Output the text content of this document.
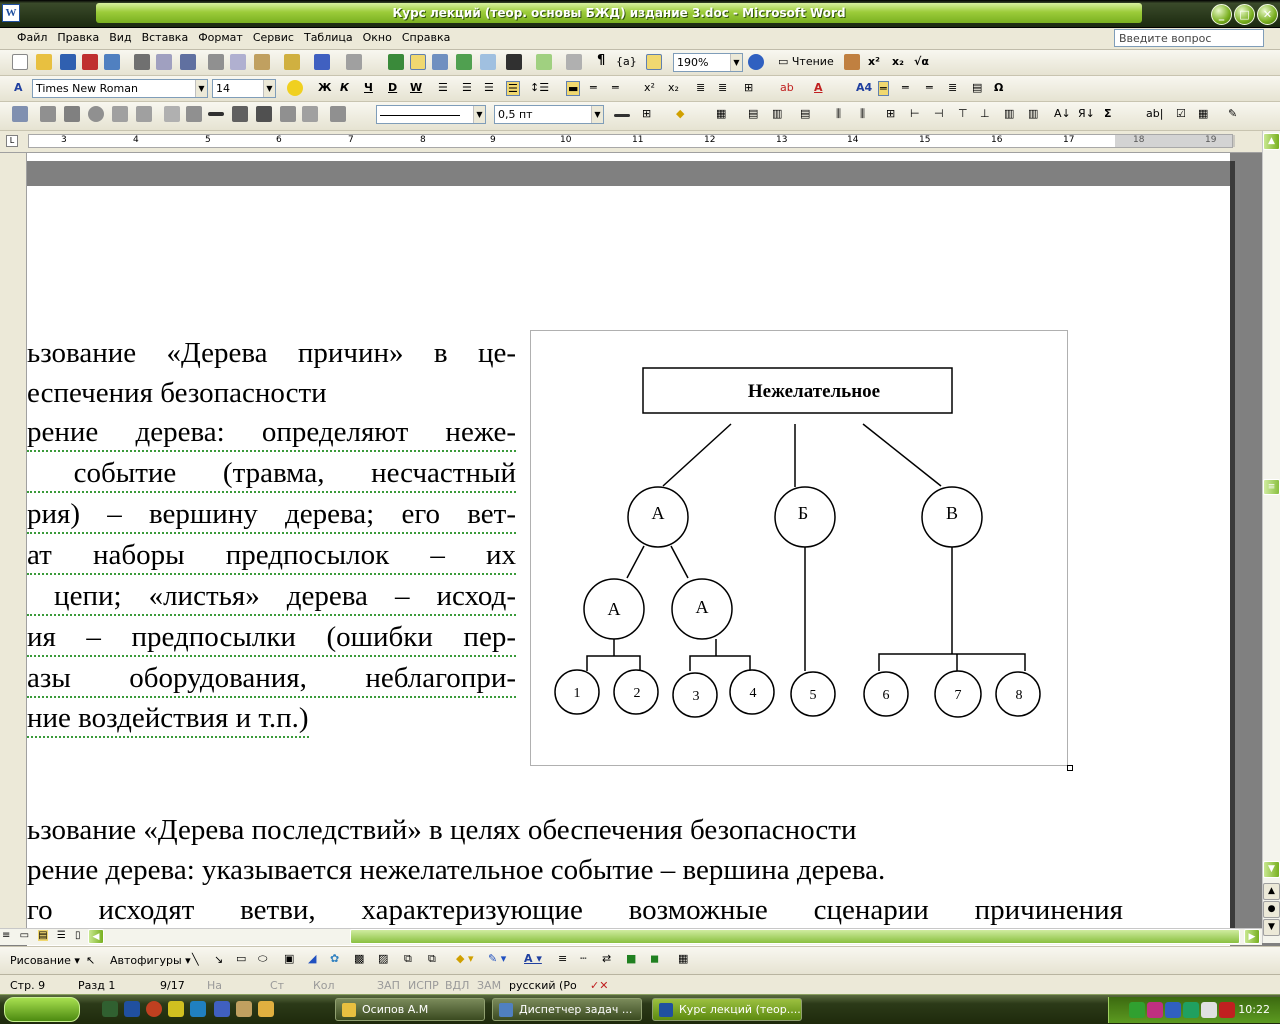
W	Курс лекций (теор. основы БЖД) издание 3.doc - Microsoft Word	_	□	✕
Файл Правка Вид Вставка Формат Сервис Таблица Окно Справка	Введите вопрос
¶ {a}	190%	▼	▭ Чтение	x² x₂ √α
A	Times New Roman	▼	14	▼	Ж К Ч D W ☰ ☰ ☰ ☰ ↕☰ ▬ ═ ═ x² x₂ ≣ ≣ ⊞ ab A	A4 ═ ═ ═ ≣ ▤ Ω
▼	0,5 пт	▼	⊞ ◆	▦ ▤ ▥ ▤ ⫼ ⫼ ⊞ ⊢ ⊣ ⊤ ⊥ ▥ ▥ A↓ Я↓ Σ	ab| ☑ ▦ ✎
L	3	4	5	6	7	8	9	10	11	12	13	14	15	16	17
ьзование «Дерева причин» в це-
еспечения безопасности
рение дерева: определяют неже-
событие (травма, несчастный
рия) – вершину дерева; его вет-
ат наборы предпосылок – их
цепи; «листья» дерева – исход-
ия – предпосылки (ошибки пер-
азы оборудования, неблагопри-
ние воздействия и т.п.)
ьзование «Дерева последствий» в целях обеспечения безопасности
рение дерева: указывается нежелательное событие – вершина дерева.
го исходят ветви, характеризующие возможные сценарии причинения
Нежелательное
А	Б	В
А	А
1	2	3	4	5	6	7	8
▲
≡
▼
▲
●
▼
≡ ▭ ▤ ☰ ▯	◀	▶
Рисование ▾ ↖ Автофигуры ▾ ╲ ↘ ▭ ⬭ ▣ ◢ ✿ ▩ ▨ ⧉ ⧉ ◆ ▾ ✎ ▾ A ▾ ≡ ┄ ⇄ ■ ◼ ▦
Стр. 9	Разд 1	9/17 На	Ст	Кол	ЗАП ИСПР ВДЛ ЗАМ русский (Ро ✓✕
Осипов А.М	Диспетчер задач ...	Курс лекций (теор....	10:22
